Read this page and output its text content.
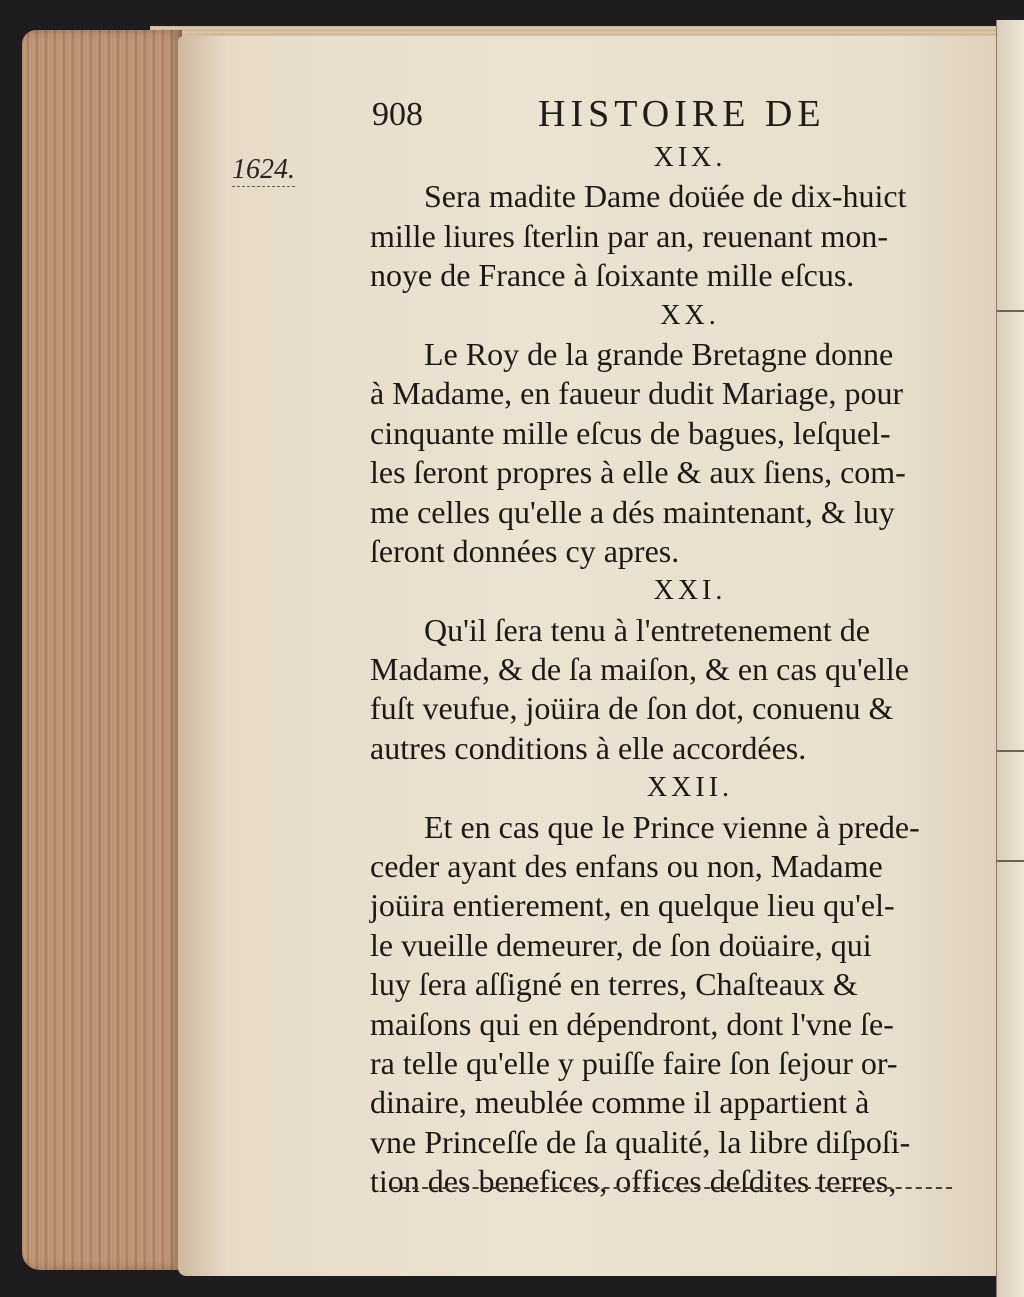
908	HISTOIRE DE
1624.	XIX.
Sera madite Dame doüée de dix-huict
mille liures ſterlin par an, reuenant mon-
noye de France à ſoixante mille eſcus.
XX.
Le Roy de la grande Bretagne donne
à Madame, en faueur dudit Mariage, pour
cinquante mille eſcus de bagues, leſquel-
les ſeront propres à elle & aux ſiens, com-
me celles qu'elle a dés maintenant, & luy
ſeront données cy apres.
XXI.
Qu'il ſera tenu à l'entretenement de
Madame, & de ſa maiſon, & en cas qu'elle
fuſt veufue, joüira de ſon dot, conuenu &
autres conditions à elle accordées.
XXII.
Et en cas que le Prince vienne à prede-
ceder ayant des enfans ou non, Madame
joüira entierement, en quelque lieu qu'el-
le vueille demeurer, de ſon doüaire, qui
luy ſera aſſigné en terres, Chaſteaux &
maiſons qui en dépendront, dont l'vne ſe-
ra telle qu'elle y puiſſe faire ſon ſejour or-
dinaire, meublée comme il appartient à
vne Princeſſe de ſa qualité, la libre diſpoſi-
tion des benefices, offices deſdites terres,
